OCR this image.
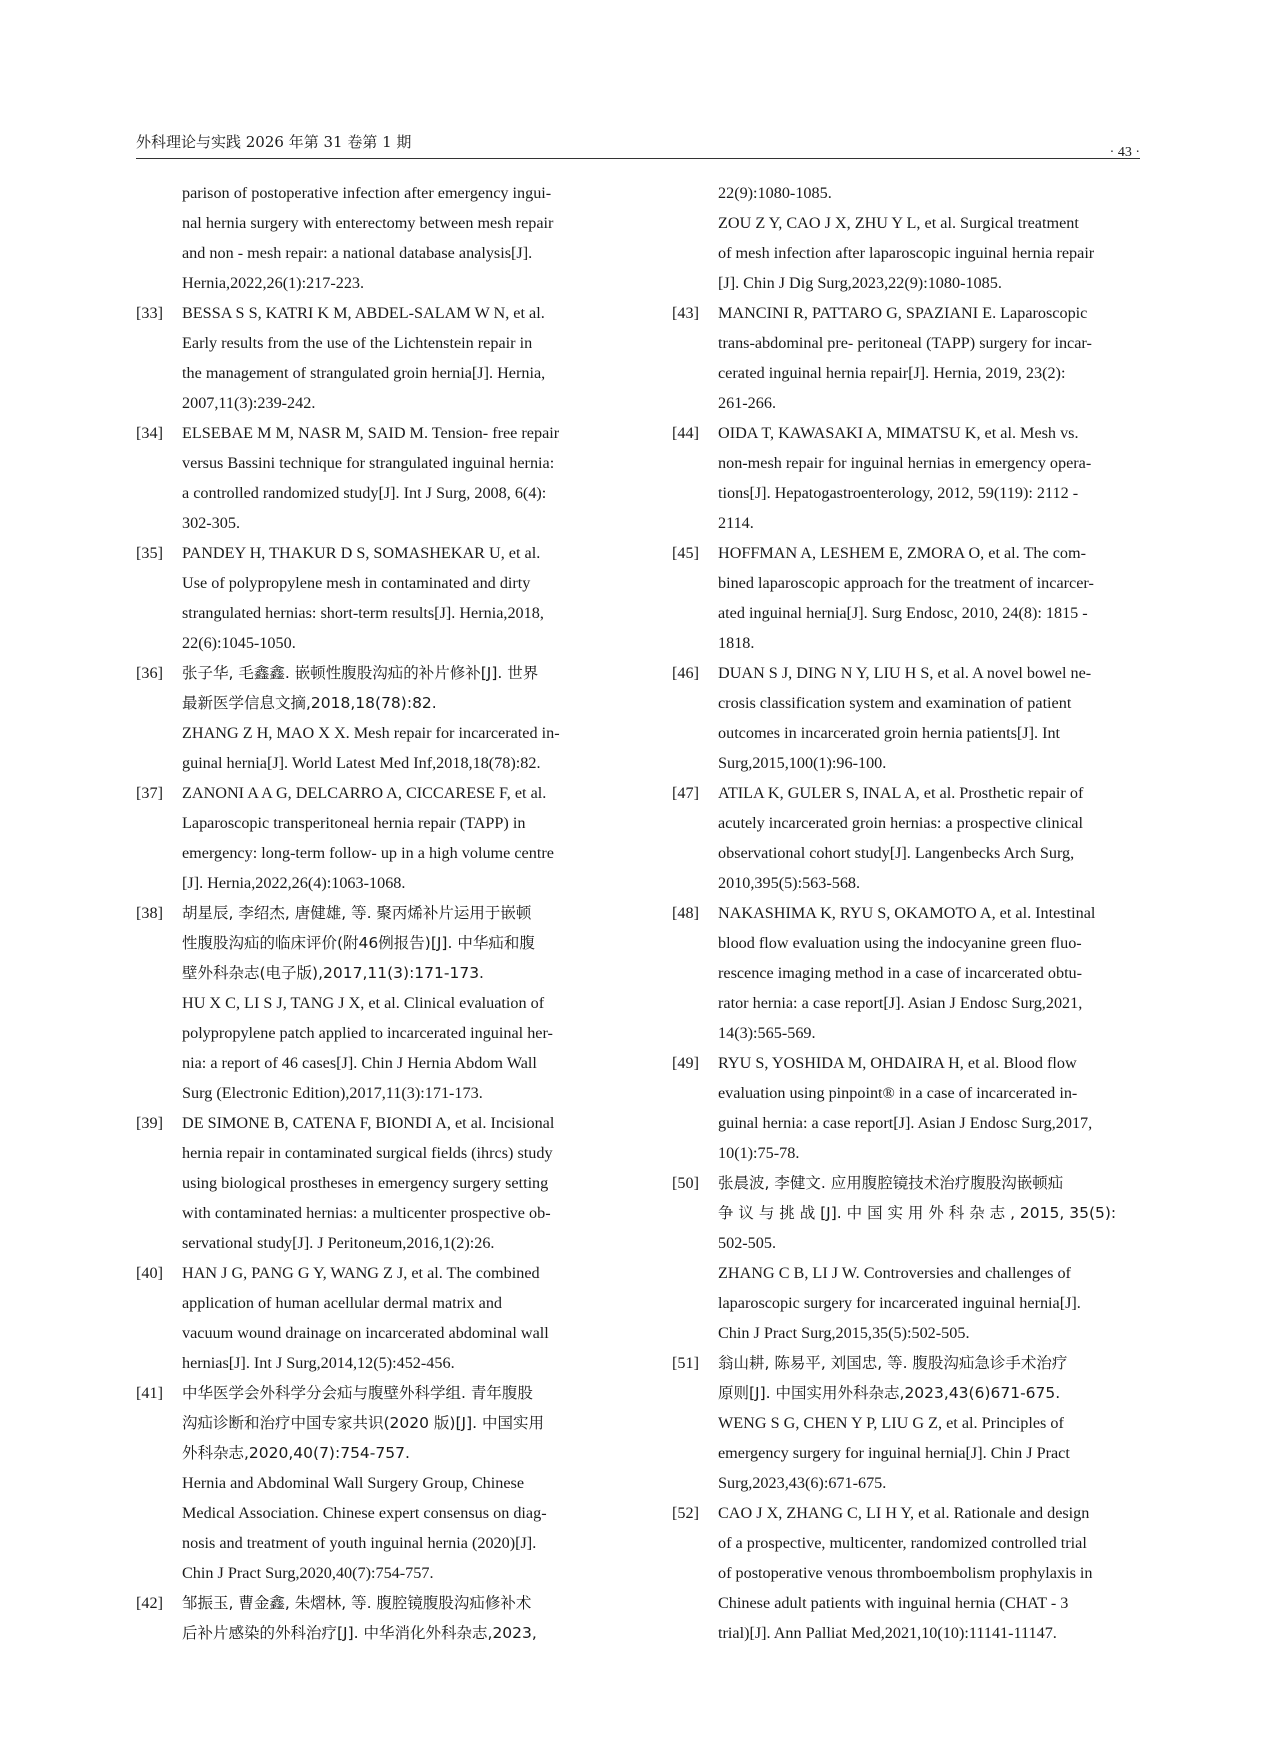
外科理论与实践 2026 年第 31 卷第 1 期
· 43 ·
parison of postoperative infection after emergency ingui-
nal hernia surgery with enterectomy between mesh repair
and non - mesh repair: a national database analysis[J].
Hernia,2022,26(1):217-223.
[33]	BESSA S S, KATRI K M, ABDEL-SALAM W N, et al.
Early results from the use of the Lichtenstein repair in
the management of strangulated groin hernia[J]. Hernia,
2007,11(3):239-242.
[34]	ELSEBAE M M, NASR M, SAID M. Tension- free repair
versus Bassini technique for strangulated inguinal hernia:
a controlled randomized study[J]. Int J Surg, 2008, 6(4):
302-305.
[35]	PANDEY H, THAKUR D S, SOMASHEKAR U, et al.
Use of polypropylene mesh in contaminated and dirty
strangulated hernias: short-term results[J]. Hernia,2018,
22(6):1045-1050.
[36]	张子华, 毛鑫鑫. 嵌顿性腹股沟疝的补片修补[J]. 世界
最新医学信息文摘,2018,18(78):82.
ZHANG Z H, MAO X X. Mesh repair for incarcerated in-
guinal hernia[J]. World Latest Med Inf,2018,18(78):82.
[37]	ZANONI A A G, DELCARRO A, CICCARESE F, et al.
Laparoscopic transperitoneal hernia repair (TAPP) in
emergency: long-term follow- up in a high volume centre
[J]. Hernia,2022,26(4):1063-1068.
[38]	胡星辰, 李绍杰, 唐健雄, 等. 聚丙烯补片运用于嵌顿
性腹股沟疝的临床评价(附46例报告)[J]. 中华疝和腹
壁外科杂志(电子版),2017,11(3):171-173.
HU X C, LI S J, TANG J X, et al. Clinical evaluation of
polypropylene patch applied to incarcerated inguinal her-
nia: a report of 46 cases[J]. Chin J Hernia Abdom Wall
Surg (Electronic Edition),2017,11(3):171-173.
[39]	DE SIMONE B, CATENA F, BIONDI A, et al. Incisional
hernia repair in contaminated surgical fields (ihrcs) study
using biological prostheses in emergency surgery setting
with contaminated hernias: a multicenter prospective ob-
servational study[J]. J Peritoneum,2016,1(2):26.
[40]	HAN J G, PANG G Y, WANG Z J, et al. The combined
application of human acellular dermal matrix and
vacuum wound drainage on incarcerated abdominal wall
hernias[J]. Int J Surg,2014,12(5):452-456.
[41]	中华医学会外科学分会疝与腹壁外科学组. 青年腹股
沟疝诊断和治疗中国专家共识(2020 版)[J]. 中国实用
外科杂志,2020,40(7):754-757.
Hernia and Abdominal Wall Surgery Group, Chinese
Medical Association. Chinese expert consensus on diag-
nosis and treatment of youth inguinal hernia (2020)[J].
Chin J Pract Surg,2020,40(7):754-757.
[42]	邹振玉, 曹金鑫, 朱熠林, 等. 腹腔镜腹股沟疝修补术
后补片感染的外科治疗[J]. 中华消化外科杂志,2023,
22(9):1080-1085.
ZOU Z Y, CAO J X, ZHU Y L, et al. Surgical treatment
of mesh infection after laparoscopic inguinal hernia repair
[J]. Chin J Dig Surg,2023,22(9):1080-1085.
[43]	MANCINI R, PATTARO G, SPAZIANI E. Laparoscopic
trans-abdominal pre- peritoneal (TAPP) surgery for incar-
cerated inguinal hernia repair[J]. Hernia, 2019, 23(2):
261-266.
[44]	OIDA T, KAWASAKI A, MIMATSU K, et al. Mesh vs.
non-mesh repair for inguinal hernias in emergency opera-
tions[J]. Hepatogastroenterology, 2012, 59(119): 2112 -
2114.
[45]	HOFFMAN A, LESHEM E, ZMORA O, et al. The com-
bined laparoscopic approach for the treatment of incarcer-
ated inguinal hernia[J]. Surg Endosc, 2010, 24(8): 1815 -
1818.
[46]	DUAN S J, DING N Y, LIU H S, et al. A novel bowel ne-
crosis classification system and examination of patient
outcomes in incarcerated groin hernia patients[J]. Int
Surg,2015,100(1):96-100.
[47]	ATILA K, GULER S, INAL A, et al. Prosthetic repair of
acutely incarcerated groin hernias: a prospective clinical
observational cohort study[J]. Langenbecks Arch Surg,
2010,395(5):563-568.
[48]	NAKASHIMA K, RYU S, OKAMOTO A, et al. Intestinal
blood flow evaluation using the indocyanine green fluo-
rescence imaging method in a case of incarcerated obtu-
rator hernia: a case report[J]. Asian J Endosc Surg,2021,
14(3):565-569.
[49]	RYU S, YOSHIDA M, OHDAIRA H, et al. Blood flow
evaluation using pinpoint® in a case of incarcerated in-
guinal hernia: a case report[J]. Asian J Endosc Surg,2017,
10(1):75-78.
[50]	张晨波, 李健文. 应用腹腔镜技术治疗腹股沟嵌顿疝
争 议 与 挑 战 [J]. 中 国 实 用 外 科 杂 志 , 2015, 35(5):
502-505.
ZHANG C B, LI J W. Controversies and challenges of
laparoscopic surgery for incarcerated inguinal hernia[J].
Chin J Pract Surg,2015,35(5):502-505.
[51]	翁山耕, 陈易平, 刘国忠, 等. 腹股沟疝急诊手术治疗
原则[J]. 中国实用外科杂志,2023,43(6)671-675.
WENG S G, CHEN Y P, LIU G Z, et al. Principles of
emergency surgery for inguinal hernia[J]. Chin J Pract
Surg,2023,43(6):671-675.
[52]	CAO J X, ZHANG C, LI H Y, et al. Rationale and design
of a prospective, multicenter, randomized controlled trial
of postoperative venous thromboembolism prophylaxis in
Chinese adult patients with inguinal hernia (CHAT - 3
trial)[J]. Ann Palliat Med,2021,10(10):11141-11147.
